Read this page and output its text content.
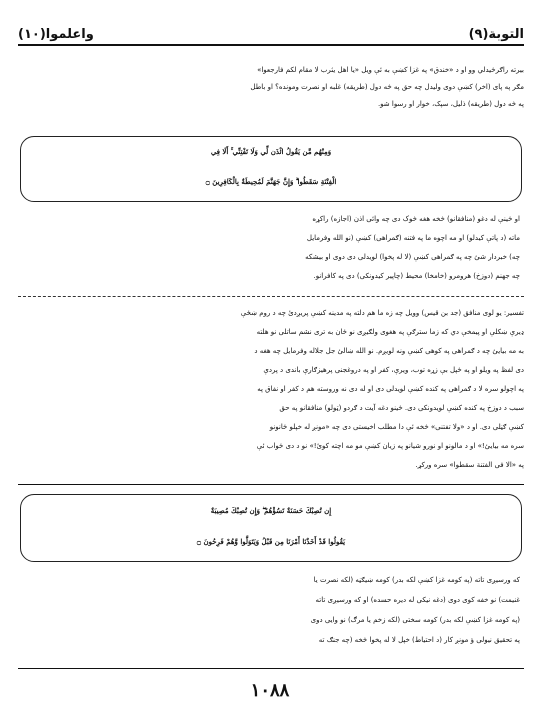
واعلموا(۱۰)	التوبة(۹)
بیرته راګرځیدلي وو او د «خندق» په غزا کښې به ئې ویل «یا اهل یثرب لا مقام لکم فارجعوا»
مګر په پای (اخر) کښې دوی ولیدل چه حق په څه دول (طریقه) غلبه او نصرت ومونده؟ او باطل
په څه دول (طریقه) ذلیل، سپک، خوار او رسوا شو.
وَمِنْهُم مَّن يَقُولُ ائْذَن لِّي وَلَا تَفْتِنِّي ۚ أَلَا فِي
الْفِتْنَةِ سَقَطُوا ۗ وَإِنَّ جَهَنَّمَ لَمُحِيطَةٌ بِالْكَافِرِينَ ۝
او ځینې له دغو (منافقانو) څخه هغه څوک دی چه وائی اذن (اجازه) راکړه
ماته (د پاتې کیدلو) او مه اچوه ما په فتنه (ګمراهی) کښې (نو الله وفرمایل
چه) خبردار شئ چه په ګمراهی کښې (لا له پخوا) لویدلی دی دوی او بیشکه
چه جهنم (دوزخ) هرومرو (خامخا) محیط (چاپیر کیدونکی) دی په کافرانو.
تفسیر: یو لوی منافق (جد بن قیس) وویل چه زه ما هم دلته په مدینه کښې پریږدئ چه د روم ښځې
ډیرې ښکلې او پیمخې دي که زما سترګې په هغوی ولګیږی نو ځان به تری نشم ساتلی نو هلته
به مه بیایئ چه د ګمراهی په کوهی کښې ونه لویږم. نو الله ښالئ جل جلاله وفرمایل چه هغه د
دی لفظ په ویلو او په ځپل بې زړه توب، ویرې، کفر او په دروغجنی پرهیزګارې باندی د پردې
په اچولو سره لا د ګمراهی په کنده کښې لویدلی دی او له دی نه وروسته هم د کفر او نفاق په
سبب د دوزخ په کنده کښې لویدونکی دی. ځینو دغه آیت د ګردو (ټولو) منافقانو په حق
کښې ګڼلی دی. او د «ولا تفتنی» څخه ئې دا مطلب اخیستی دی چه «مونږ له خپلو ځانونو
سره مه بیایئ!» او د مالونو او نورو شیانو په زیان کښې مو مه اچته کوئ!» نو د دی ځواب ئې
په «الا فی الفتنة سقطوا» سره ورکړ.
إِن تُصِبْكَ حَسَنَةٌ تَسُؤْهُمْ ۖ وَإِن تُصِبْكَ مُصِيبَةٌ
يَقُولُوا قَدْ أَخَذْنَا أَمْرَنَا مِن قَبْلُ وَيَتَوَلَّوا وَّهُمْ فَرِحُونَ ۝
که ورسیږی تاته (په کومه غزا کښې لکه بدر) کومه ښیګڼه (لکه نصرت یا
غنیمت) نو خفه کوی دوی (دغه نیکی له دیره حسده) او که ورسیږی تاته
(په کومه غزا کښې لکه بدر) کومه سختی (لکه زخم یا مرګ) نو وایی دوی
په تحقیق نیولی ؤ مونږ کار (د احتیاط) خپل لا له پخوا څخه (چه جنګ ته
۱۰۸۸
